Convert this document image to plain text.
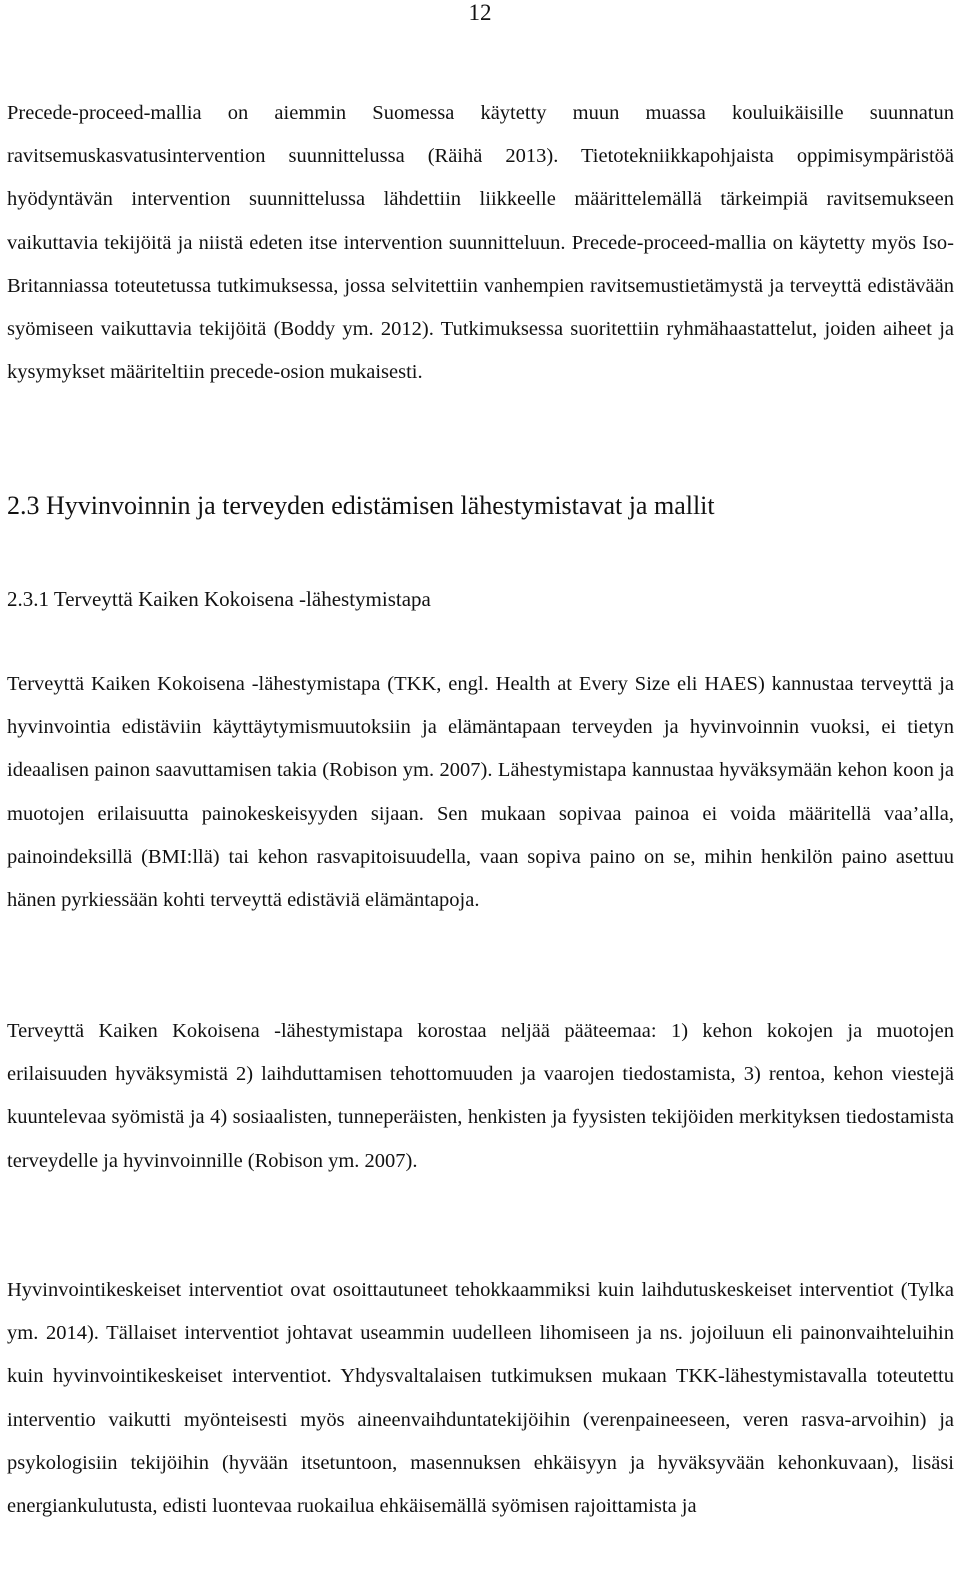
12

Precede-proceed-mallia on aiemmin Suomessa käytetty muun muassa kouluikäisille suunnatun ravitsemuskasvatusintervention suunnittelussa (Räihä 2013). Tietotekniikkapohjaista oppimisympäristöä hyödyntävän intervention suunnittelussa lähdettiin liikkeelle määrittelemällä tärkeimpiä ravitsemukseen vaikuttavia tekijöitä ja niistä edeten itse intervention suunnitteluun. Precede-proceed-mallia on käytetty myös Iso-Britanniassa toteutetussa tutkimuksessa, jossa selvitettiin vanhempien ravitsemustietämystä ja terveyttä edistävään syömiseen vaikuttavia tekijöitä (Boddy ym. 2012). Tutkimuksessa suoritettiin ryhmähaastattelut, joiden aiheet ja kysymykset määriteltiin precede-osion mukaisesti.

2.3 Hyvinvoinnin ja terveyden edistämisen lähestymistavat ja mallit
2.3.1 Terveyttä Kaiken Kokoisena -lähestymistapa

Terveyttä Kaiken Kokoisena -lähestymistapa (TKK, engl. Health at Every Size eli HAES) kannustaa terveyttä ja hyvinvointia edistäviin käyttäytymismuutoksiin ja elämäntapaan terveyden ja hyvinvoinnin vuoksi, ei tietyn ideaalisen painon saavuttamisen takia (Robison ym. 2007). Lähestymistapa kannustaa hyväksymään kehon koon ja muotojen erilaisuutta painokeskeisyyden sijaan. Sen mukaan sopivaa painoa ei voida määritellä vaa’alla, painoindeksillä (BMI:llä) tai kehon rasvapitoisuudella, vaan sopiva paino on se, mihin henkilön paino asettuu hänen pyrkiessään kohti terveyttä edistäviä elämäntapoja.

Terveyttä Kaiken Kokoisena -lähestymistapa korostaa neljää pääteemaa: 1) kehon kokojen ja muotojen erilaisuuden hyväksymistä 2) laihduttamisen tehottomuuden ja vaarojen tiedostamista, 3) rentoa, kehon viestejä kuuntelevaa syömistä ja 4) sosiaalisten, tunneperäisten, henkisten ja fyysisten tekijöiden merkityksen tiedostamista terveydelle ja hyvinvoinnille (Robison ym. 2007).

Hyvinvointikeskeiset interventiot ovat osoittautuneet tehokkaammiksi kuin laihdutuskeskeiset interventiot (Tylka ym. 2014). Tällaiset interventiot johtavat useammin uudelleen lihomiseen ja ns. jojoiluun eli painonvaihteluihin kuin hyvinvointikeskeiset interventiot. Yhdysvaltalaisen tutkimuksen mukaan TKK-lähestymistavalla toteutettu interventio vaikutti myönteisesti myös aineenvaihduntatekijöihin (verenpaineeseen, veren rasva-arvoihin) ja psykologisiin tekijöihin (hyvään itsetuntoon, masennuksen ehkäisyyn ja hyväksyvään kehonkuvaan), lisäsi energiankulutusta, edisti luontevaa ruokailua ehkäisemällä syömisen rajoittamista ja
